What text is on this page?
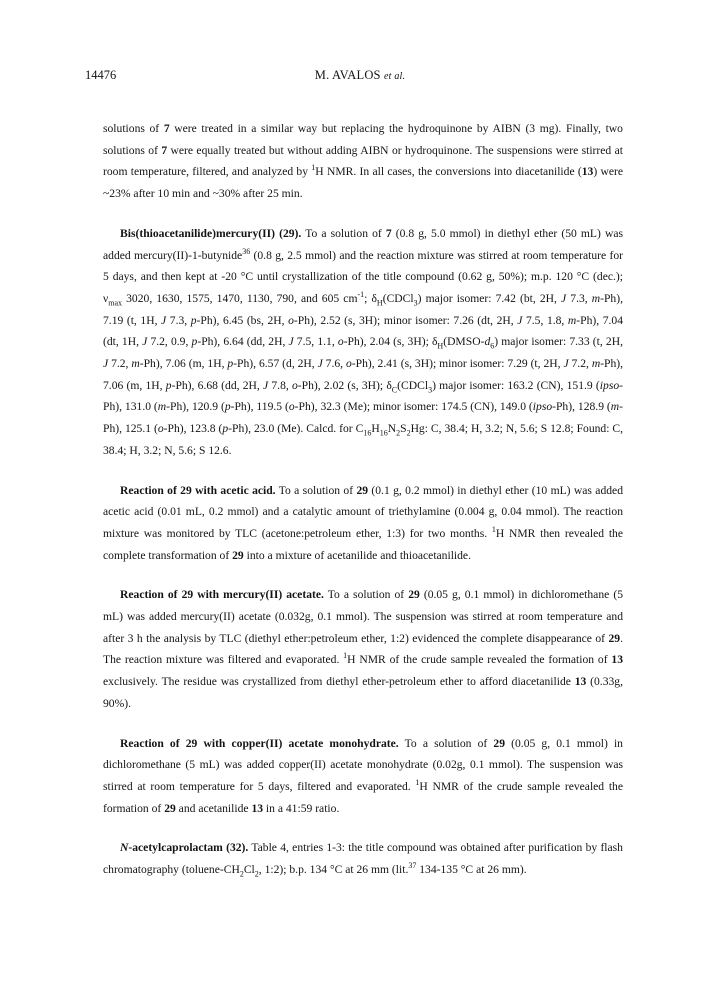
14476	M. AVALOS et al.

solutions of 7 were treated in a similar way but replacing the hydroquinone by AIBN (3 mg). Finally, two solutions of 7 were equally treated but without adding AIBN or hydroquinone. The suspensions were stirred at room temperature, filtered, and analyzed by $^1$H NMR. In all cases, the conversions into diacetanilide (13) were ~23% after 10 min and ~30% after 25 min.

Bis(thioacetanilide)mercury(II) (29). To a solution of 7 (0.8 g, 5.0 mmol) in diethyl ether (50 mL) was added mercury(II)-1-butynide$^{36}$ (0.8 g, 2.5 mmol) and the reaction mixture was stirred at room temperature for 5 days, and then kept at -20 °C until crystallization of the title compound (0.62 g, 50%); m.p. 120 °C (dec.); $\nu_{max}$ 3020, 1630, 1575, 1470, 1130, 790, and 605 $cm^{-1}$; $\delta_H(CDCl_3)$ major isomer: 7.42 (bt, 2H, J 7.3, m-Ph), 7.19 (t, 1H, J 7.3, p-Ph), 6.45 (bs, 2H, o-Ph), 2.52 (s, 3H); minor isomer: 7.26 (dt, 2H, J 7.5, 1.8, m-Ph), 7.04 (dt, 1H, J 7.2, 0.9, p-Ph), 6.64 (dd, 2H, J 7.5, 1.1, o-Ph), 2.04 (s, 3H); $\delta_H(DMSO-d_6)$ major isomer: 7.33 (t, 2H, J 7.2, m-Ph), 7.06 (m, 1H, p-Ph), 6.57 (d, 2H, J 7.6, o-Ph), 2.41 (s, 3H); minor isomer: 7.29 (t, 2H, J 7.2, m-Ph), 7.06 (m, 1H, p-Ph), 6.68 (dd, 2H, J 7.8, o-Ph), 2.02 (s, 3H); $\delta_C(CDCl_3)$ major isomer: 163.2 (CN), 151.9 (ipso-Ph), 131.0 (m-Ph), 120.9 (p-Ph), 119.5 (o-Ph), 32.3 (Me); minor isomer: 174.5 (CN), 149.0 (ipso-Ph), 128.9 (m-Ph), 125.1 (o-Ph), 123.8 (p-Ph), 23.0 (Me). Calcd. for $C_{16}H_{16}N_2S_2Hg$: C, 38.4; H, 3.2; N, 5.6; S 12.8; Found: C, 38.4; H, 3.2; N, 5.6; S 12.6.

Reaction of 29 with acetic acid. To a solution of 29 (0.1 g, 0.2 mmol) in diethyl ether (10 mL) was added acetic acid (0.01 mL, 0.2 mmol) and a catalytic amount of triethylamine (0.004 g, 0.04 mmol). The reaction mixture was monitored by TLC (acetone:petroleum ether, 1:3) for two months. $^1$H NMR then revealed the complete transformation of 29 into a mixture of acetanilide and thioacetanilide.

Reaction of 29 with mercury(II) acetate. To a solution of 29 (0.05 g, 0.1 mmol) in dichloromethane (5 mL) was added mercury(II) acetate (0.032g, 0.1 mmol). The suspension was stirred at room temperature and after 3 h the analysis by TLC (diethyl ether:petroleum ether, 1:2) evidenced the complete disappearance of 29. The reaction mixture was filtered and evaporated. $^1$H NMR of the crude sample revealed the formation of 13 exclusively. The residue was crystallized from diethyl ether-petroleum ether to afford diacetanilide 13 (0.33g, 90%).

Reaction of 29 with copper(II) acetate monohydrate. To a solution of 29 (0.05 g, 0.1 mmol) in dichloromethane (5 mL) was added copper(II) acetate monohydrate (0.02g, 0.1 mmol). The suspension was stirred at room temperature for 5 days, filtered and evaporated. $^1$H NMR of the crude sample revealed the formation of 29 and acetanilide 13 in a 41:59 ratio.

N-acetylcaprolactam (32). Table 4, entries 1-3: the title compound was obtained after purification by flash chromatography ($toluene-CH_2Cl_2$, 1:2); b.p. 134 °C at 26 mm (lit.$^{37}$ 134-135 °C at 26 mm).
